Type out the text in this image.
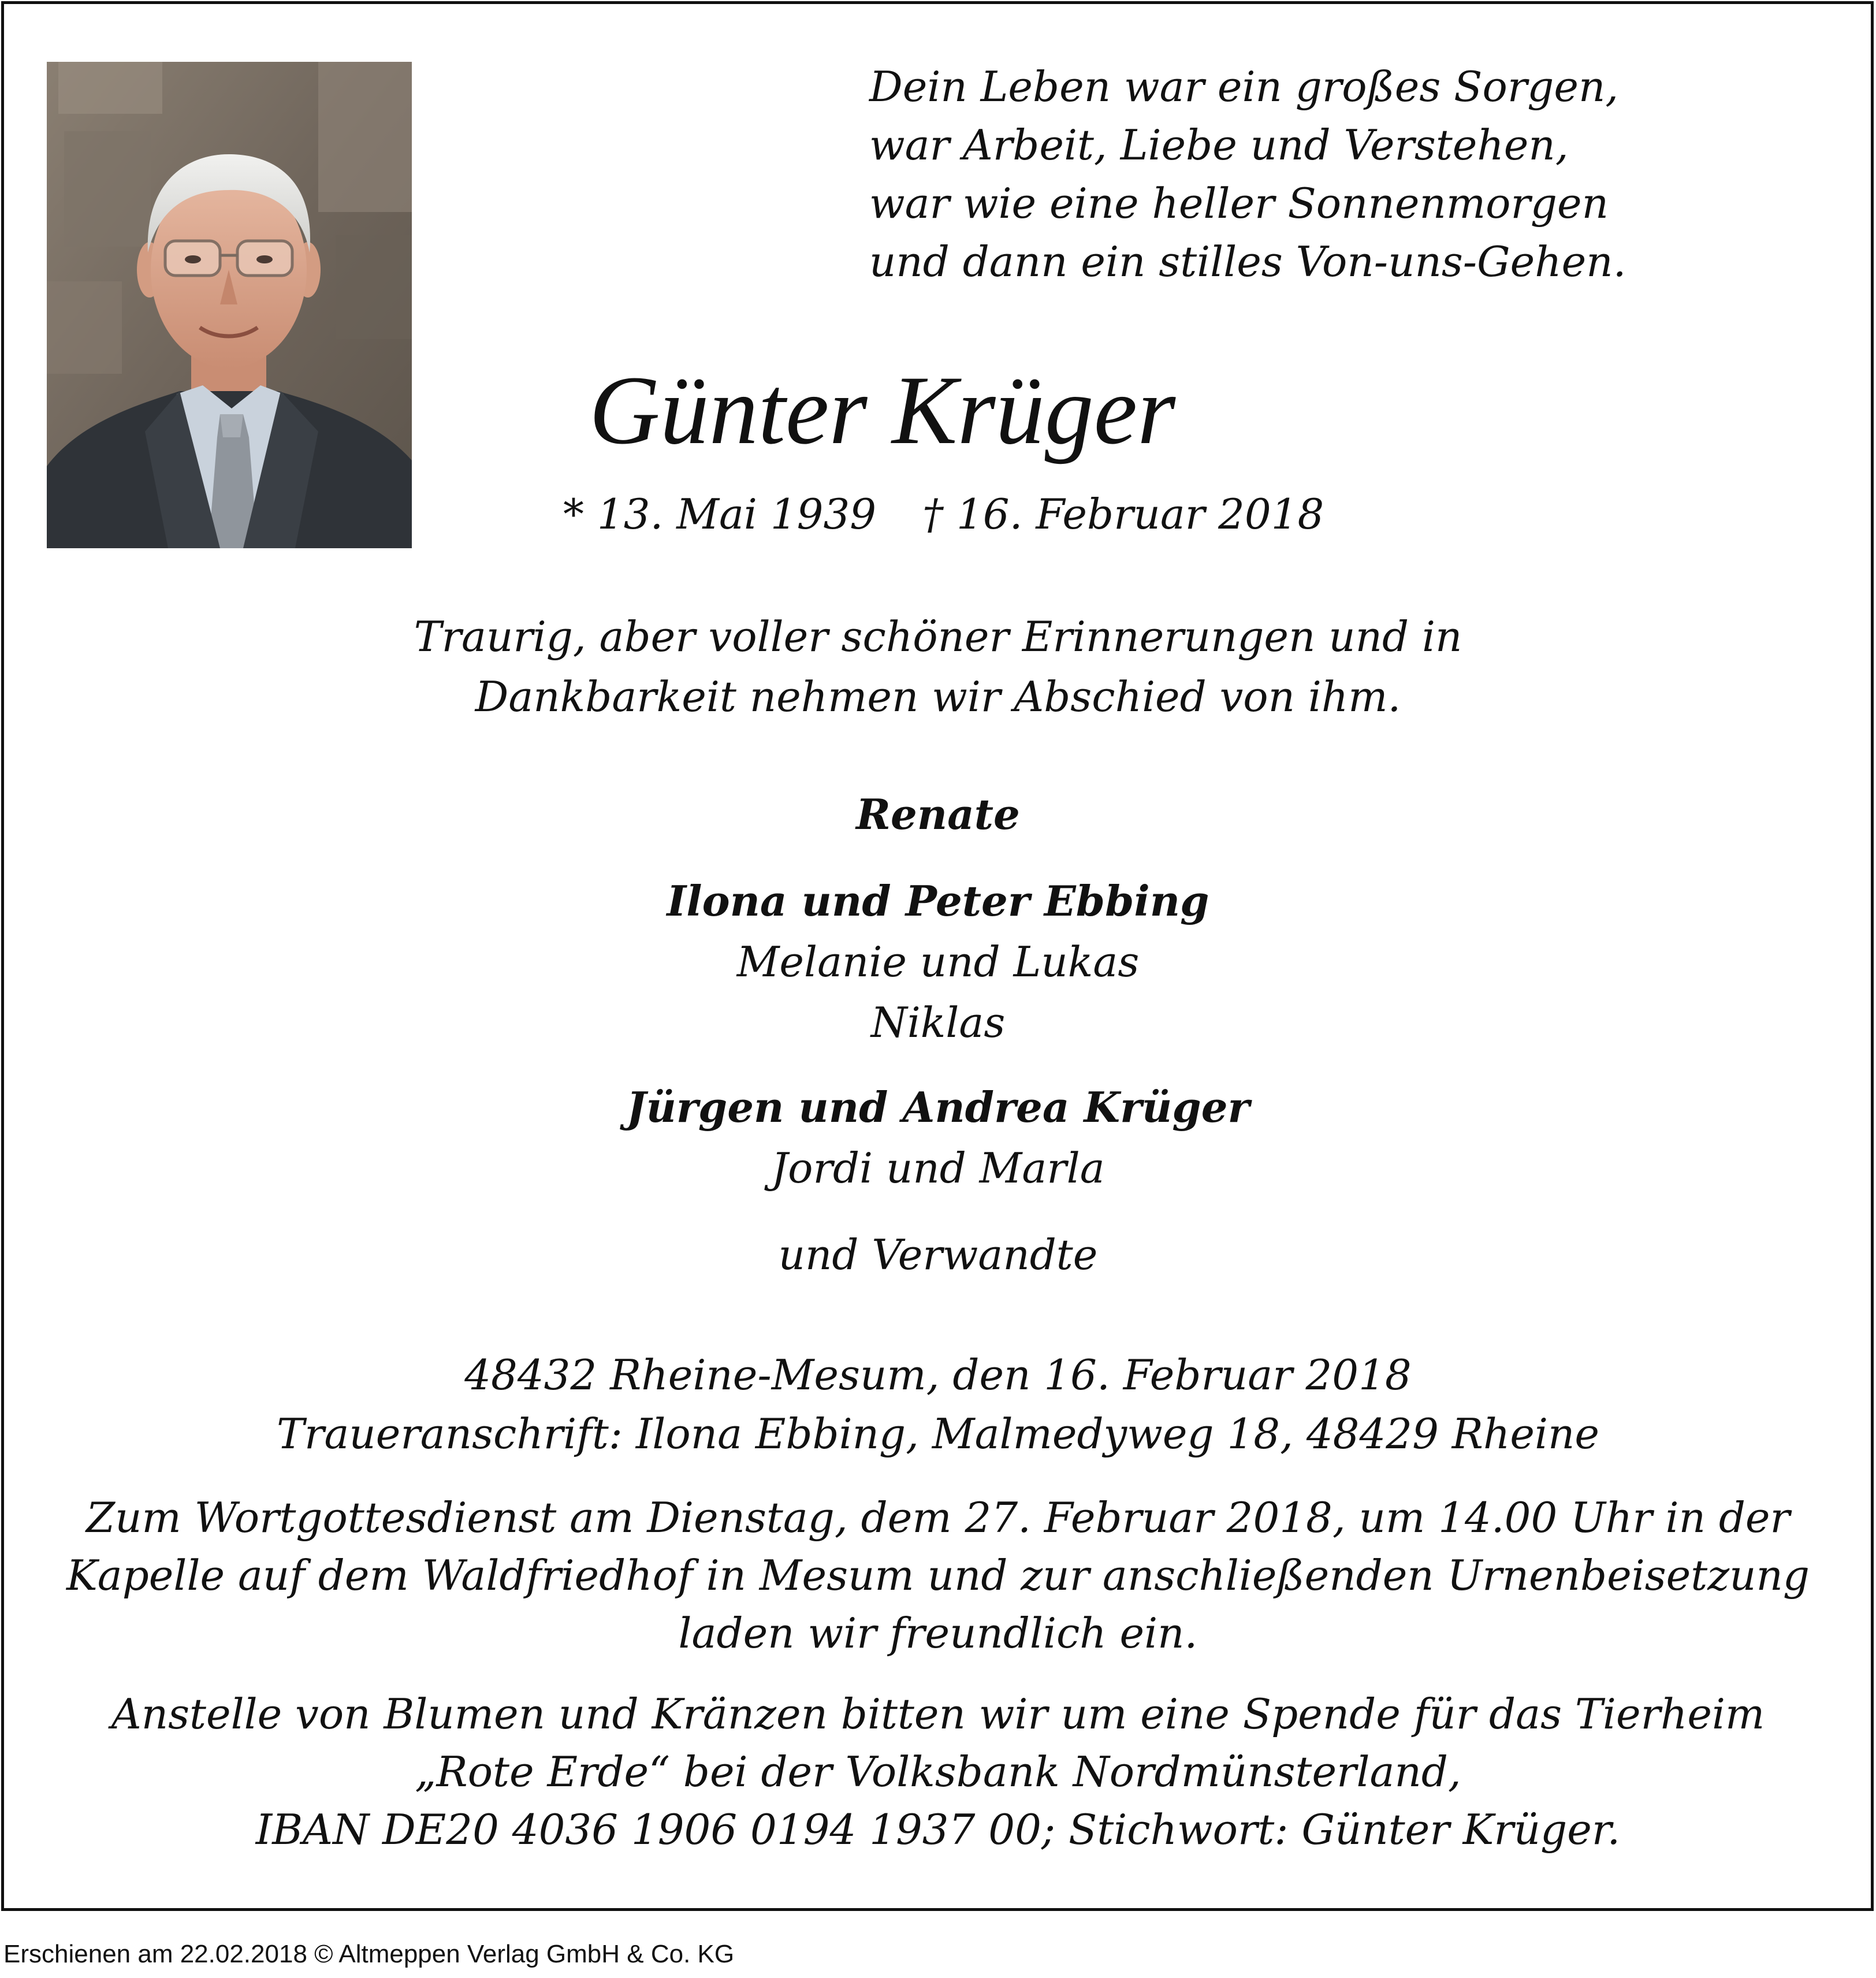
Dein Leben war ein großes Sorgen,
war Arbeit, Liebe und Verstehen,
war wie eine heller Sonnenmorgen
und dann ein stilles Von-uns-Gehen.
Günter Krüger
* 13. Mai 1939 † 16. Februar 2018
Traurig, aber voller schöner Erinnerungen und in
Dankbarkeit nehmen wir Abschied von ihm.
Renate
Ilona und Peter Ebbing
Melanie und Lukas
Niklas
Jürgen und Andrea Krüger
Jordi und Marla
und Verwandte
48432 Rheine-Mesum, den 16. Februar 2018
Traueranschrift: Ilona Ebbing, Malmedyweg 18, 48429 Rheine
Zum Wortgottesdienst am Dienstag, dem 27. Februar 2018, um 14.00 Uhr in der
Kapelle auf dem Waldfriedhof in Mesum und zur anschließenden Urnenbeisetzung
laden wir freundlich ein.
Anstelle von Blumen und Kränzen bitten wir um eine Spende für das Tierheim
„Rote Erde“ bei der Volksbank Nordmünsterland,
IBAN DE20 4036 1906 0194 1937 00; Stichwort: Günter Krüger.
Erschienen am 22.02.2018 © Altmeppen Verlag GmbH & Co. KG
